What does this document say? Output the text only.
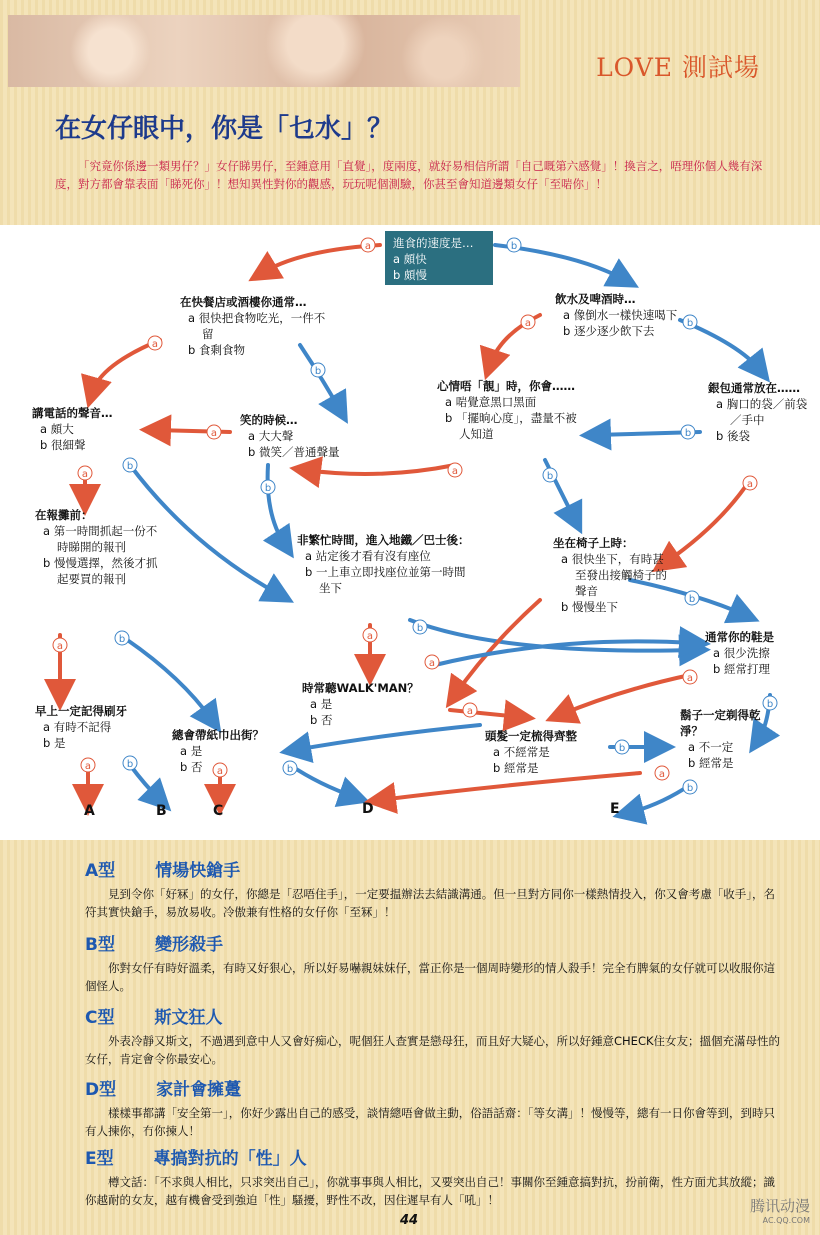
LOVE 測試場
在女仔眼中，你是「乜水」？
「究竟你係邊一類男仔？」女仔睇男仔，至鍾意用「直覺」，度兩度，就好易相信所謂「自己嘅第六感覺」！換言之，唔理你個人幾有深度，對方都會靠表面「睇死你」！想知異性對你的觀感，玩玩呢個測驗，你甚至會知道邊類女仔「至啱你」！
a	b
a
b
a	b
a
b
a	b
b
a
a
b
a
b	a
b
a
b
a
b
a	b
a	b
a
b
a
b
進食的速度是…
a 頗快
b 頗慢
在快餐店或酒樓你通常…
a 很快把食物吃光，一件不留
b 食剩食物
飲水及啤酒時…
a 像倒水一樣快速喝下
b 逐少逐少飲下去
講電話的聲音…
a 頗大
b 很細聲
笑的時候…
a 大大聲
b 微笑／普通聲量
心情唔「靚」時，你會……
a 啱覺意黑口黑面
b 「擺晌心度」，盡量不被人知道
銀包通常放在……
a 胸口的袋／前袋／手中
b 後袋
在報攤前：
a 第一時間抓起一份不時睇開的報刊
b 慢慢選擇，然後才抓起要買的報刊
非繁忙時間，進入地鐵／巴士後：
a 站定後才看有沒有座位
b 一上車立即找座位並第一時間坐下
坐在椅子上時：
a 很快坐下，有時甚至發出接觸椅子的聲音
b 慢慢坐下
通常你的鞋是
a 很少洗擦
b 經常打理
時常聽WALK'MAN？
a 是
b 否
早上一定記得刷牙
a 有時不記得
b 是
總會帶紙巾出街？
a 是
b 否
頭髮一定梳得齊整
a 不經常是
b 經常是
鬍子一定剃得乾淨？
a 不一定
b 經常是
A	B	C	D	E
A型 情場快鎗手
見到令你「好冧」的女仔，你總是「忍唔住手」，一定要揾辦法去結識溝通。但一旦對方同你一樣熱情投入，你又會考慮「收手」，名符其實快鎗手，易放易收。冷傲兼有性格的女仔你「至冧」！
B型 變形殺手
你對女仔有時好溫柔，有時又好狠心，所以好易嚇親妹妹仔，當正你是一個周時變形的情人殺手！完全冇脾氣的女仔就可以收服你這個怪人。
C型 斯文狂人
外表冷靜又斯文，不過遇到意中人又會好痴心，呢個狂人查實是戀母狂，而且好大疑心，所以好鍾意CHECK住女友；搵個充滿母性的女仔，肯定會令你最安心。
D型 家計會擁躉
樣樣事都講「安全第一」，你好少露出自己的感受，談情總唔會做主動，俗語話齋：「等女溝」！慢慢等，總有一日你會等到，到時只有人揀你，冇你揀人！
E型 專搞對抗的「性」人
樽文話：「不求與人相比，只求突出自己」，你就事事與人相比，又要突出自己！事關你至鍾意搞對抗，扮前衛，性方面尤其放縱；識你越耐的女友，越有機會受到強迫「性」騷擾，野性不改，因住遲早有人「吼」！
44
腾讯动漫
AC.QQ.COM
